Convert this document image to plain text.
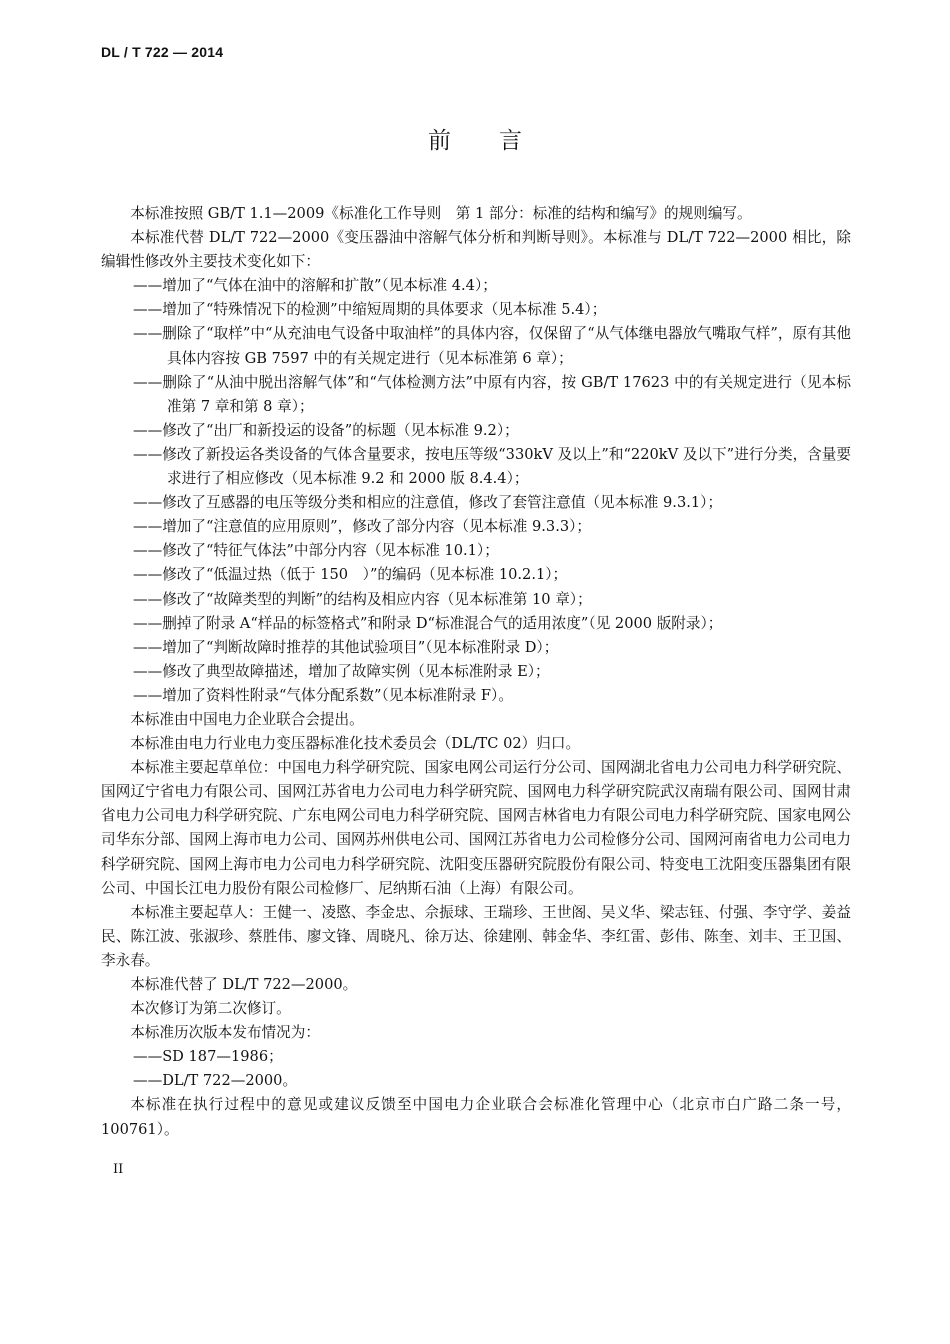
DL / T 722 — 2014
前言

本标准按照 GB/T 1.1—2009《标准化工作导则　第 1 部分：标准的结构和编写》的规则编写。

本标准代替 DL/T 722—2000《变压器油中溶解气体分析和判断导则》。本标准与 DL/T 722—2000 相比，除编辑性修改外主要技术变化如下：

——增加了“气体在油中的溶解和扩散”（见本标准 4.4）；

——增加了“特殊情况下的检测”中缩短周期的具体要求（见本标准 5.4）；

——删除了“取样”中“从充油电气设备中取油样”的具体内容，仅保留了“从气体继电器放气嘴取气样”，原有其他具体内容按 GB 7597 中的有关规定进行（见本标准第 6 章）；

——删除了“从油中脱出溶解气体”和“气体检测方法”中原有内容，按 GB/T 17623 中的有关规定进行（见本标准第 7 章和第 8 章）；

——修改了“出厂和新投运的设备”的标题（见本标准 9.2）；

——修改了新投运各类设备的气体含量要求，按电压等级“330kV 及以上”和“220kV 及以下”进行分类，含量要求进行了相应修改（见本标准 9.2 和 2000 版 8.4.4）；

——修改了互感器的电压等级分类和相应的注意值，修改了套管注意值（见本标准 9.3.1）；

——增加了“注意值的应用原则”，修改了部分内容（见本标准 9.3.3）；

——修改了“特征气体法”中部分内容（见本标准 10.1）；

——修改了“低温过热（低于 150　）”的编码（见本标准 10.2.1）；

——修改了“故障类型的判断”的结构及相应内容（见本标准第 10 章）；

——删掉了附录 A“样品的标签格式”和附录 D“标准混合气的适用浓度”（见 2000 版附录）；

——增加了“判断故障时推荐的其他试验项目”（见本标准附录 D）；

——修改了典型故障描述，增加了故障实例（见本标准附录 E）；

——增加了资料性附录“气体分配系数”（见本标准附录 F）。

本标准由中国电力企业联合会提出。

本标准由电力行业电力变压器标准化技术委员会（DL/TC 02）归口。

本标准主要起草单位：中国电力科学研究院、国家电网公司运行分公司、国网湖北省电力公司电力科学研究院、国网辽宁省电力有限公司、国网江苏省电力公司电力科学研究院、国网电力科学研究院武汉南瑞有限公司、国网甘肃省电力公司电力科学研究院、广东电网公司电力科学研究院、国网吉林省电力有限公司电力科学研究院、国家电网公司华东分部、国网上海市电力公司、国网苏州供电公司、国网江苏省电力公司检修分公司、国网河南省电力公司电力科学研究院、国网上海市电力公司电力科学研究院、沈阳变压器研究院股份有限公司、特变电工沈阳变压器集团有限公司、中国长江电力股份有限公司检修厂、尼纳斯石油（上海）有限公司。

本标准主要起草人：王健一、凌愍、李金忠、佘振球、王瑞珍、王世阁、吴义华、梁志钰、付强、李守学、姜益民、陈江波、张淑珍、蔡胜伟、廖文锋、周晓凡、徐万达、徐建刚、韩金华、李红雷、彭伟、陈奎、刘丰、王卫国、李永春。

本标准代替了 DL/T 722—2000。

本次修订为第二次修订。

本标准历次版本发布情况为：

——SD 187—1986；

——DL/T 722—2000。

本标准在执行过程中的意见或建议反馈至中国电力企业联合会标准化管理中心（北京市白广路二条一号，100761）。

II
